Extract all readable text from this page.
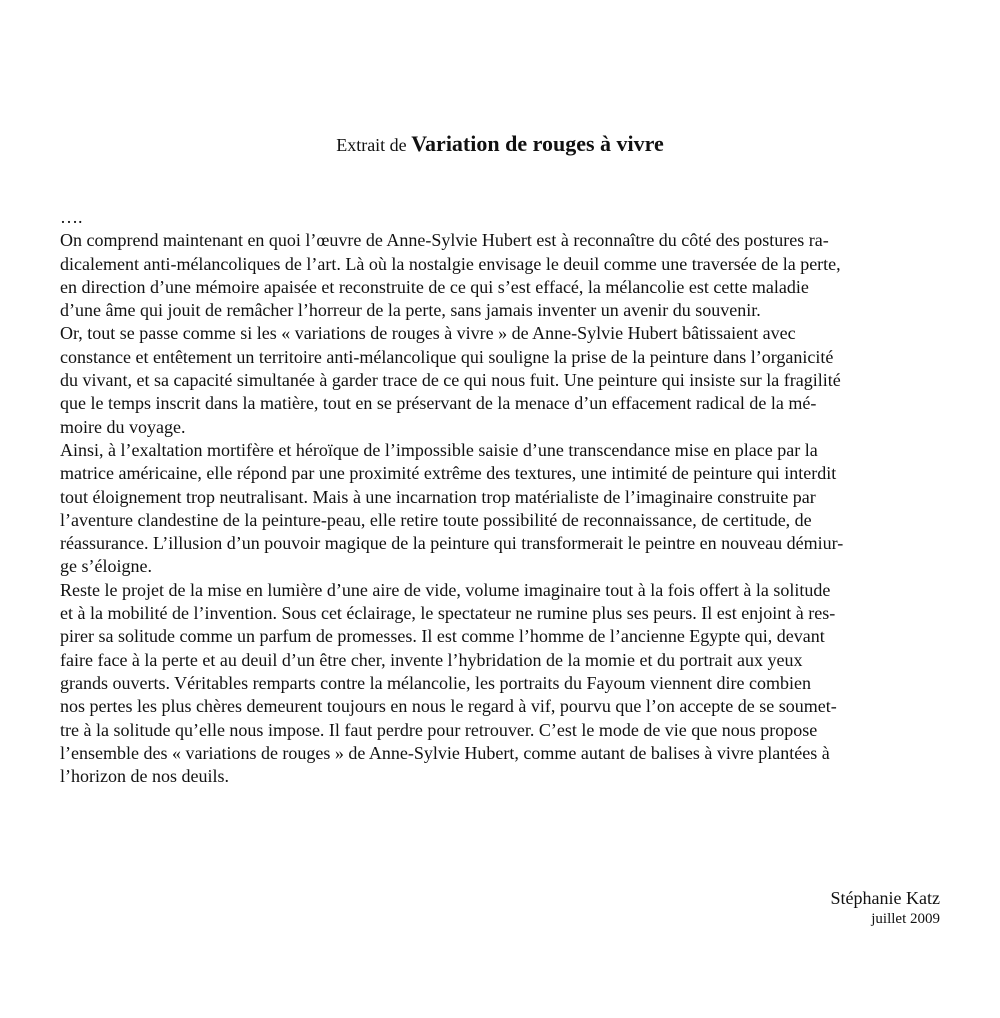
Extrait de Variation de rouges à vivre
….
On comprend maintenant en quoi l’œuvre de Anne-Sylvie Hubert est à reconnaître du côté des postures ra-
dicalement anti-mélancoliques de l’art. Là où la nostalgie envisage le deuil comme une traversée de la perte,
en direction d’une mémoire apaisée et reconstruite de ce qui s’est effacé, la mélancolie est cette maladie
d’une âme qui jouit de remâcher l’horreur de la perte, sans jamais inventer un avenir du souvenir.
Or, tout se passe comme si les « variations de rouges à vivre » de Anne-Sylvie Hubert bâtissaient avec
constance et entêtement un territoire anti-mélancolique qui souligne la prise de la peinture dans l’organicité
du vivant, et sa capacité simultanée à garder trace de ce qui nous fuit. Une peinture qui insiste sur la fragilité
que le temps inscrit dans la matière, tout en se préservant de la menace d’un effacement radical de la mé-
moire du voyage.
Ainsi, à l’exaltation mortifère et héroïque de l’impossible saisie d’une transcendance mise en place par la
matrice américaine, elle répond par une proximité extrême des textures, une intimité de peinture qui interdit
tout éloignement trop neutralisant. Mais à une incarnation trop matérialiste de l’imaginaire construite par
l’aventure clandestine de la peinture-peau, elle retire toute possibilité de reconnaissance, de certitude, de
réassurance. L’illusion d’un pouvoir magique de la peinture qui transformerait le peintre en nouveau démiur-
ge s’éloigne.
Reste le projet de la mise en lumière d’une aire de vide, volume imaginaire tout à la fois offert à la solitude
et à la mobilité de l’invention. Sous cet éclairage, le spectateur ne rumine plus ses peurs. Il est enjoint à res-
pirer sa solitude comme un parfum de promesses. Il est comme l’homme de l’ancienne Egypte qui, devant
faire face à la perte et au deuil d’un être cher, invente l’hybridation de la momie et du portrait aux yeux
grands ouverts. Véritables remparts contre la mélancolie, les portraits du Fayoum viennent dire combien
nos pertes les plus chères demeurent toujours en nous le regard à vif, pourvu que l’on accepte de se soumet-
tre à la solitude qu’elle nous impose. Il faut perdre pour retrouver. C’est le mode de vie que nous propose
l’ensemble des « variations de rouges » de Anne-Sylvie Hubert, comme autant de balises à vivre plantées à
l’horizon de nos deuils.
Stéphanie Katz
juillet 2009
